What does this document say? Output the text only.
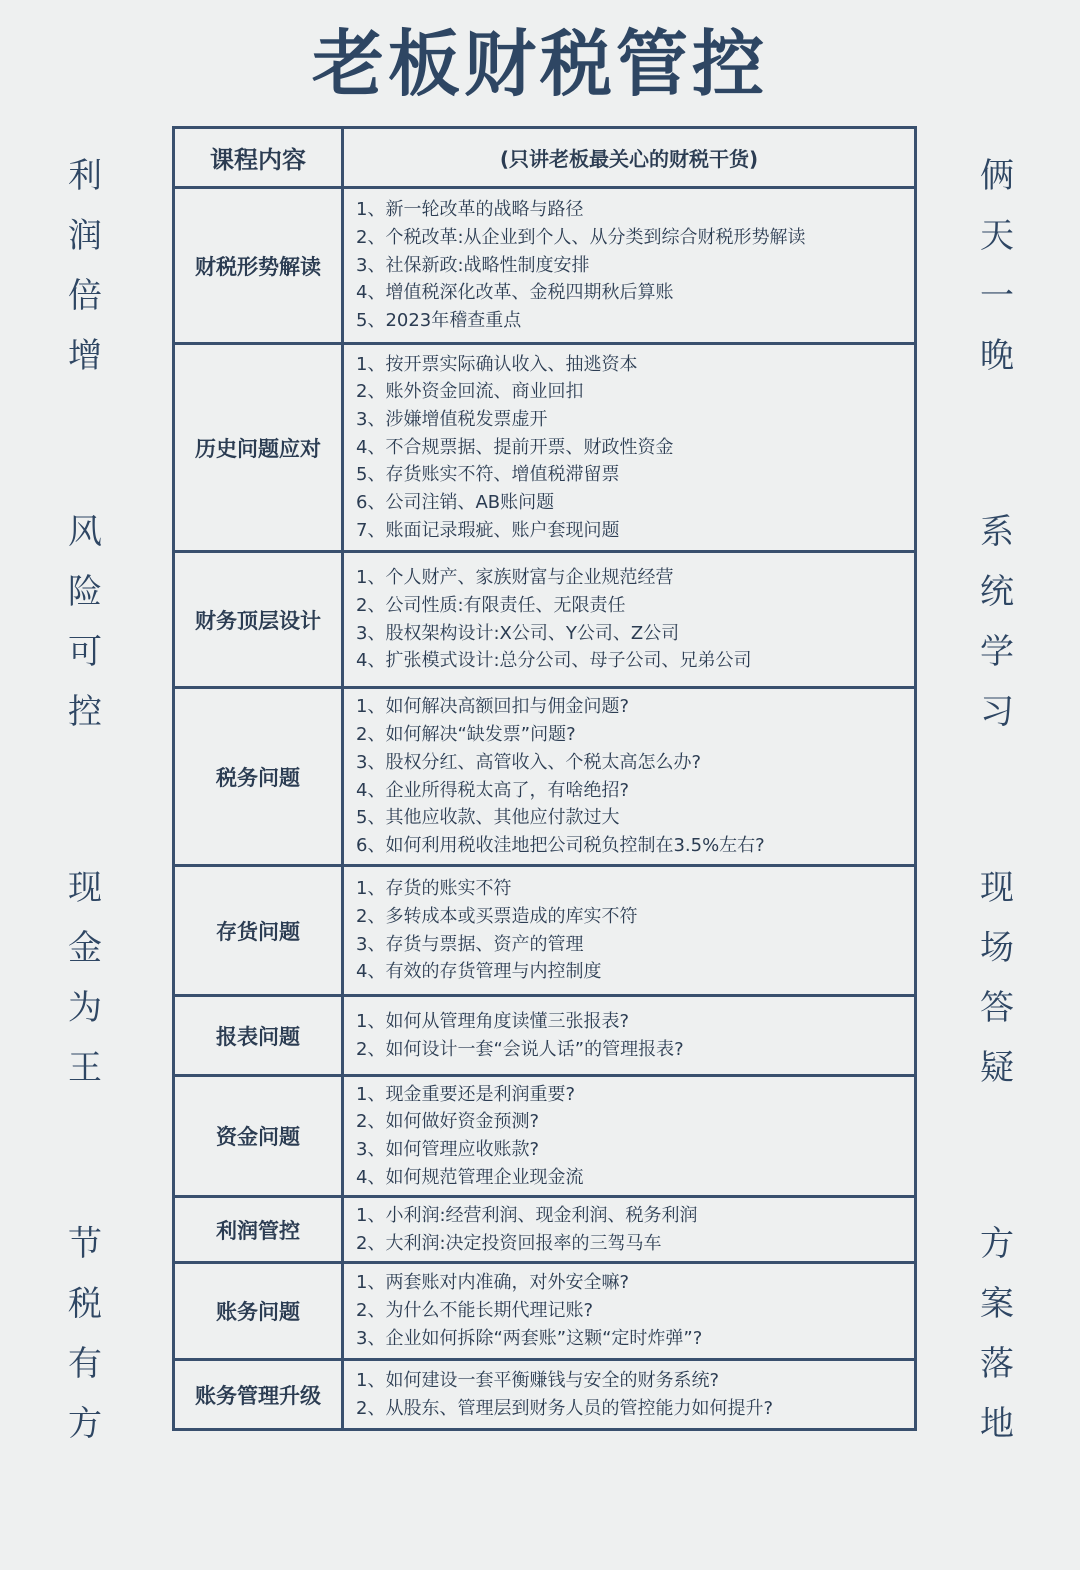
老板财税管控
利
润
倍
增
风
险
可
控
现
金
为
王
节
税
有
方
俩
天
一
晚
系
统
学
习
现
场
答
疑
方
案
落
地
课程内容	(只讲老板最关心的财税干货)
财税形势解读
1、新一轮改革的战略与路径
2、个税改革:从企业到个人、从分类到综合财税形势解读
3、社保新政:战略性制度安排
4、增值税深化改革、金税四期秋后算账
5、2023年稽查重点
历史问题应对
1、按开票实际确认收入、抽逃资本
2、账外资金回流、商业回扣
3、涉嫌增值税发票虚开
4、不合规票据、提前开票、财政性资金
5、存货账实不符、增值税滞留票
6、公司注销、AB账问题
7、账面记录瑕疵、账户套现问题
财务顶层设计
1、个人财产、家族财富与企业规范经营
2、公司性质:有限责任、无限责任
3、股权架构设计:X公司、Y公司、Z公司
4、扩张模式设计:总分公司、母子公司、兄弟公司
税务问题
1、如何解决高额回扣与佣金问题?
2、如何解决“缺发票”问题?
3、股权分红、高管收入、个税太高怎么办?
4、企业所得税太高了，有啥绝招?
5、其他应收款、其他应付款过大
6、如何利用税收洼地把公司税负控制在3.5%左右?
存货问题
1、存货的账实不符
2、多转成本或买票造成的库实不符
3、存货与票据、资产的管理
4、有效的存货管理与内控制度
报表问题
1、如何从管理角度读懂三张报表?
2、如何设计一套“会说人话”的管理报表?
资金问题
1、现金重要还是利润重要?
2、如何做好资金预测?
3、如何管理应收账款?
4、如何规范管理企业现金流
利润管控
1、小利润:经营利润、现金利润、税务利润
2、大利润:决定投资回报率的三驾马车
账务问题
1、两套账对内准确，对外安全嘛?
2、为什么不能长期代理记账?
3、企业如何拆除“两套账”这颗“定时炸弹”?
账务管理升级
1、如何建设一套平衡赚钱与安全的财务系统?
2、从股东、管理层到财务人员的管控能力如何提升?
